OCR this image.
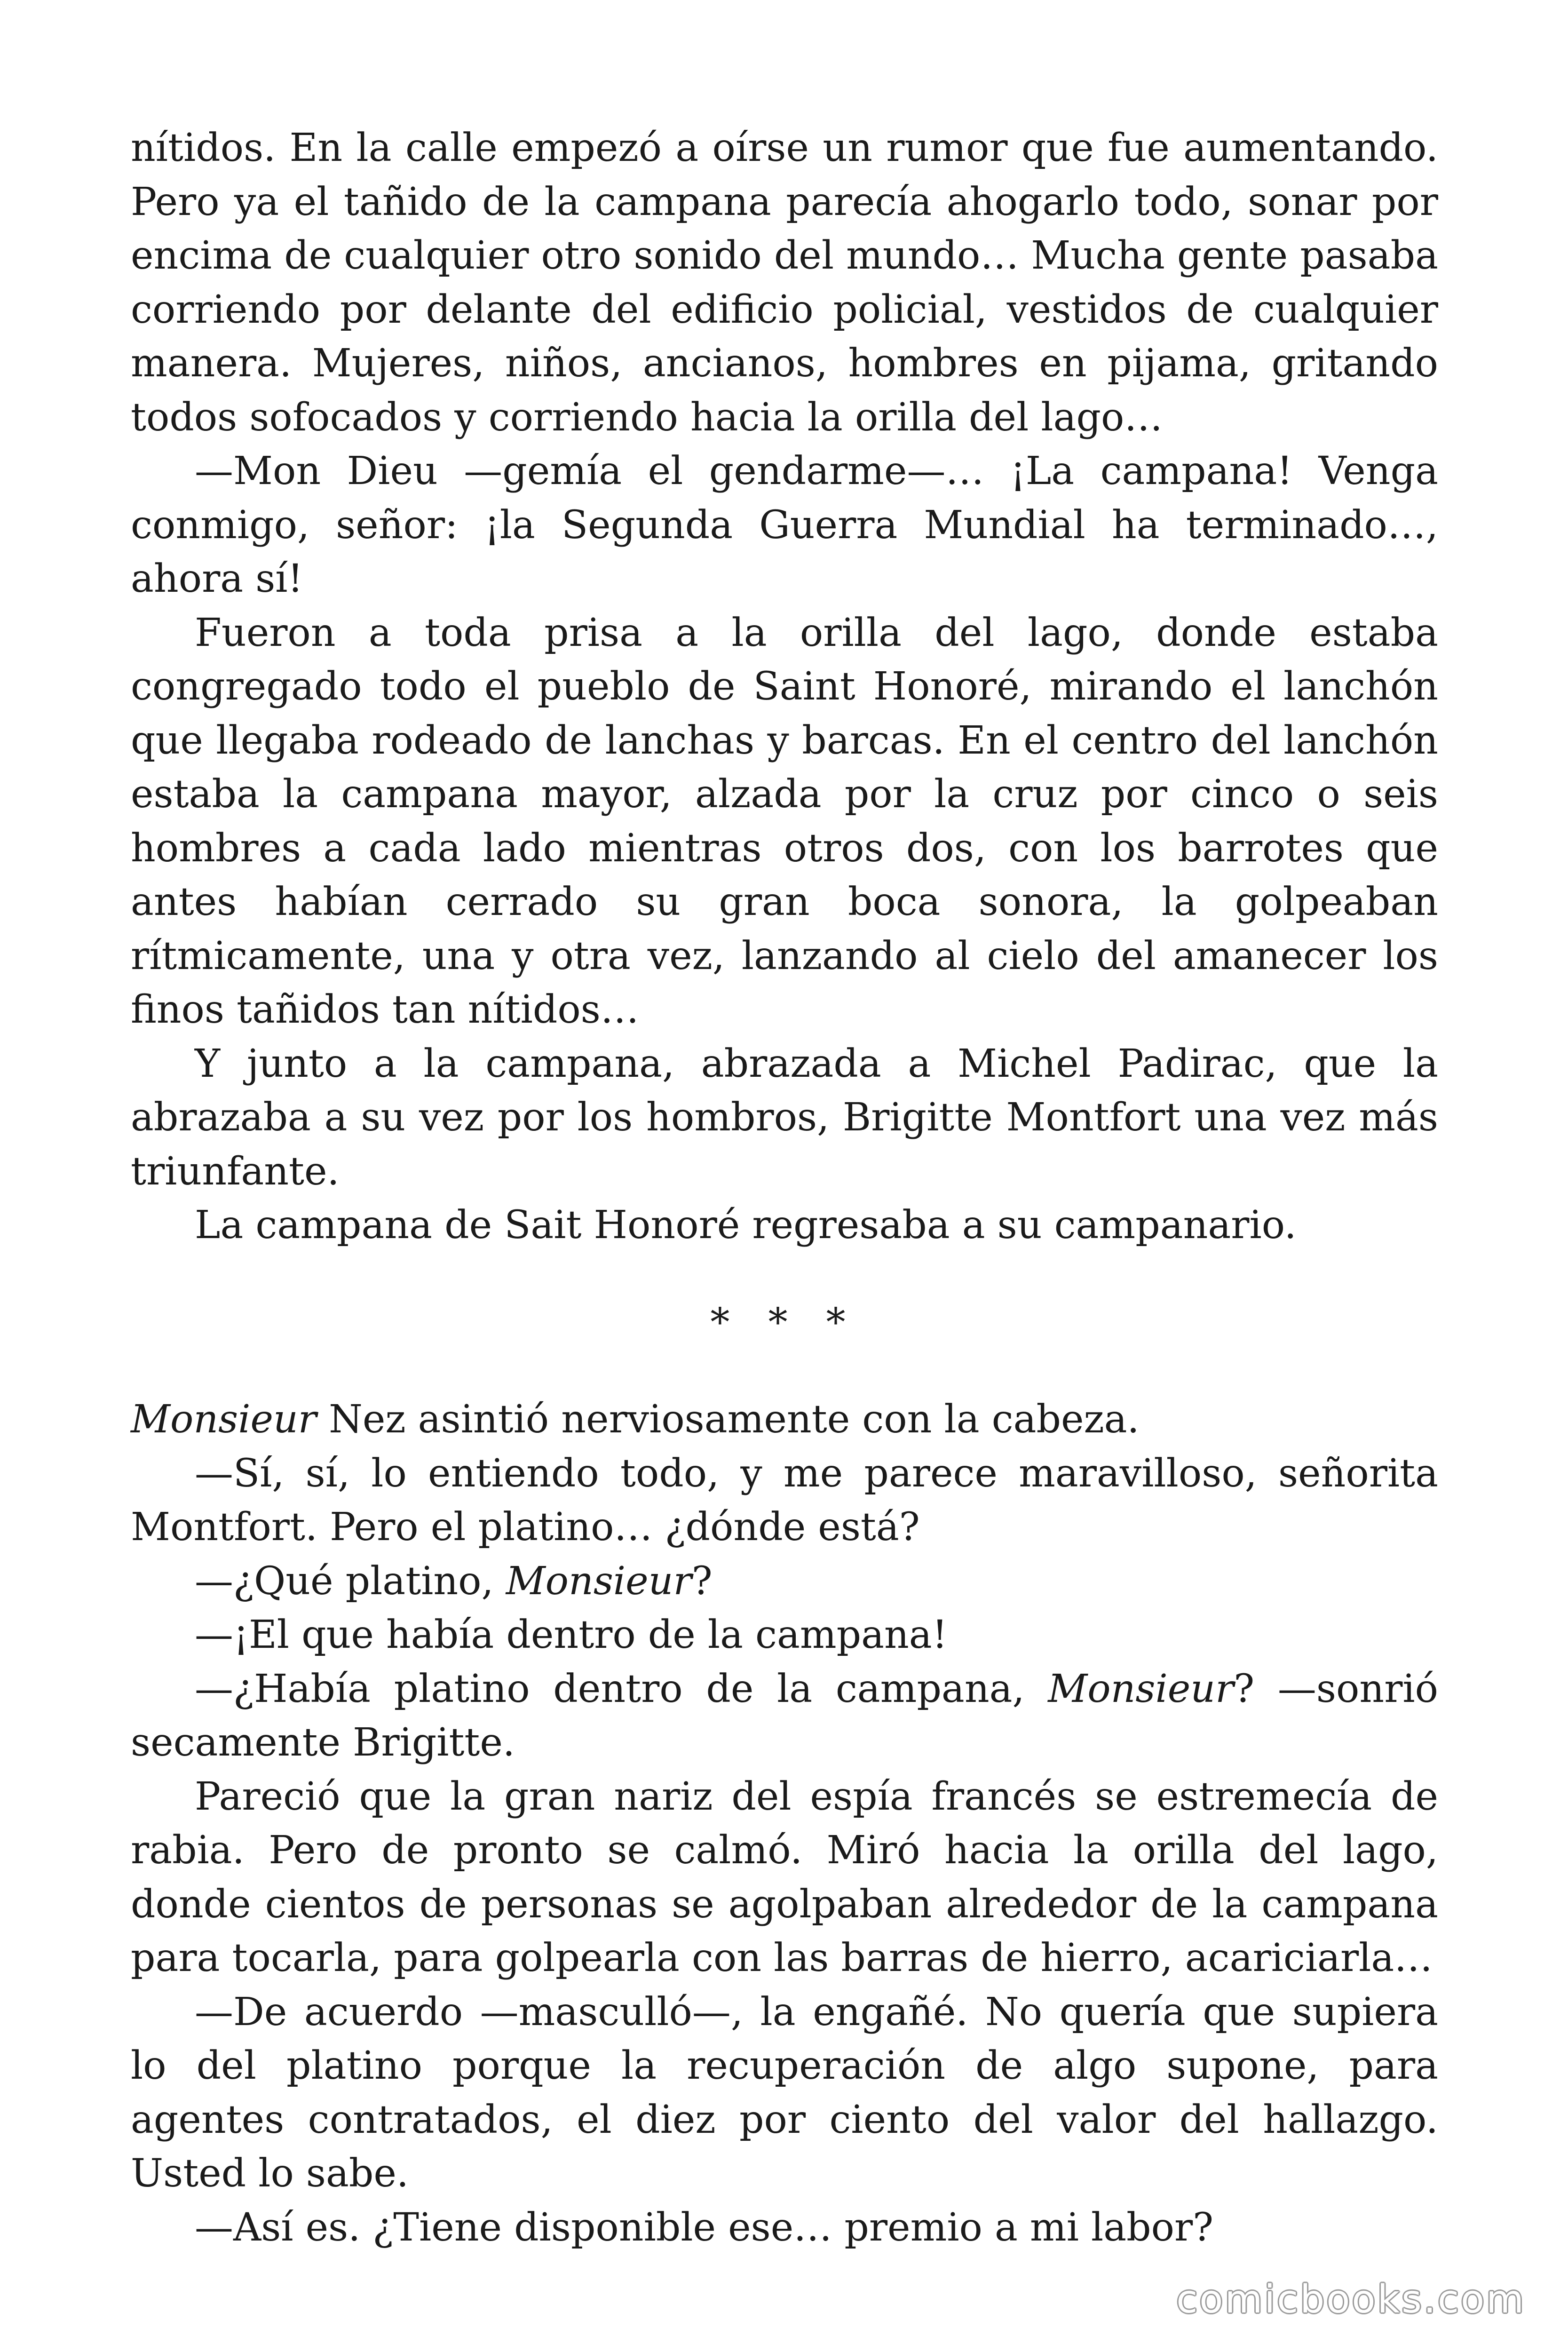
nítidos. En la calle empezó a oírse un rumor que fue aumentando. Pero ya el tañido de la campana parecía ahogarlo todo, sonar por encima de cualquier otro sonido del mundo… Mucha gente pasaba corriendo por delante del edificio policial, vestidos de cualquier manera. Mujeres, niños, ancianos, hombres en pijama, gritando todos sofocados y corriendo hacia la orilla del lago…

—Mon Dieu —gemía el gendarme—… ¡La campana! Venga conmigo, señor: ¡la Segunda Guerra Mundial ha terminado…, ahora sí!

Fueron a toda prisa a la orilla del lago, donde estaba congregado todo el pueblo de Saint Honoré, mirando el lanchón que llegaba rodeado de lanchas y barcas. En el centro del lanchón estaba la campana mayor, alzada por la cruz por cinco o seis hombres a cada lado mientras otros dos, con los barrotes que antes habían cerrado su gran boca sonora, la golpeaban rítmicamente, una y otra vez, lanzando al cielo del amanecer los finos tañidos tan nítidos…

Y junto a la campana, abrazada a Michel Padirac, que la abrazaba a su vez por los hombros, Brigitte Montfort una vez más triunfante.

La campana de Sait Honoré regresaba a su campanario.

* * *

Monsieur Nez asintió nerviosamente con la cabeza.

—Sí, sí, lo entiendo todo, y me parece maravilloso, señorita Montfort. Pero el platino… ¿dónde está?

—¿Qué platino, Monsieur?

—¡El que había dentro de la campana!

—¿Había platino dentro de la campana, Monsieur? —sonrió secamente Brigitte.

Pareció que la gran nariz del espía francés se estremecía de rabia. Pero de pronto se calmó. Miró hacia la orilla del lago, donde cientos de personas se agolpaban alrededor de la campana para tocarla, para golpearla con las barras de hierro, acariciarla…

—De acuerdo —masculló—, la engañé. No quería que supiera lo del platino porque la recuperación de algo supone, para agentes contratados, el diez por ciento del valor del hallazgo. Usted lo sabe.

—Así es. ¿Tiene disponible ese… premio a mi labor?

comicbooks.com
